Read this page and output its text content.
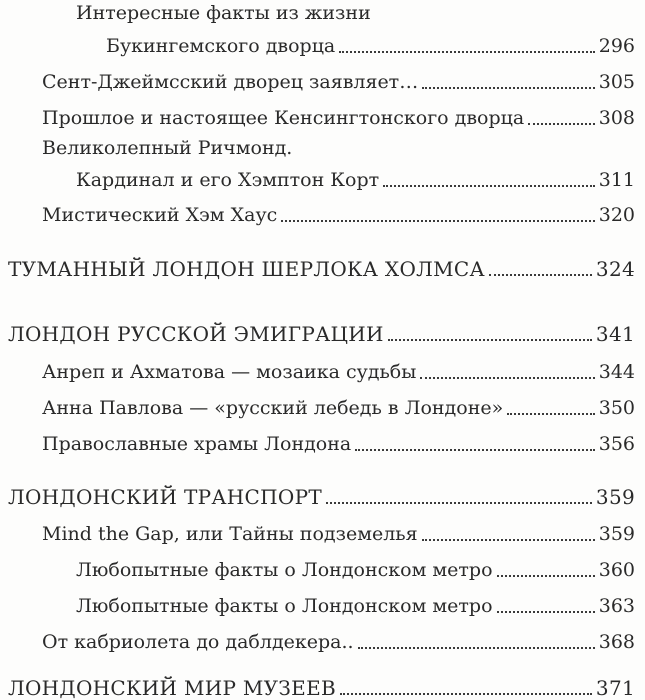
Интересные факты из жизни
Букингемского дворца	296
Сент-Джеймсский дворец заявляет…	305
Прошлое и настоящее Кенсингтонского дворца	308
Великолепный Ричмонд.
Кардинал и его Хэмптон Корт	311
Мистический Хэм Хаус	320
ТУМАННЫЙ ЛОНДОН ШЕРЛОКА ХОЛМСА	324
ЛОНДОН РУССКОЙ ЭМИГРАЦИИ	341
Анреп и Ахматова — мозаика судьбы	344
Анна Павлова — «русский лебедь в Лондоне»	350
Православные храмы Лондона	356
ЛОНДОНСКИЙ ТРАНСПОРТ	359
Mind the Gap, или Тайны подземелья	359
Любопытные факты о Лондонском метро	360
Любопытные факты о Лондонском метро	363
От кабриолета до даблдекера..	368
ЛОНДОНСКИЙ МИР МУЗЕЕВ	371
